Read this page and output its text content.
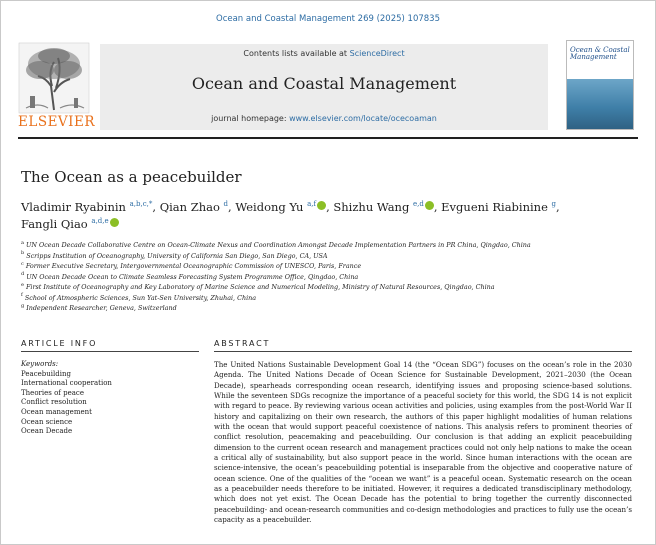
Ocean and Coastal Management 269 (2025) 107835
ELSEVIER
Contents lists available at ScienceDirect
Ocean and Coastal Management
journal homepage: www.elsevier.com/locate/ocecoaman
Ocean & Coastal Management
The Ocean as a peacebuilder
Vladimir Ryabinin $^{a,b,c,*}$, Qian Zhao $^d$, Weidong Yu $^{a,f}$ , Shizhu Wang $^{e,d}$ , Evgueni Riabinine $^g$,
Fangli Qiao $^{a,d,e}$
$^a$ UN Ocean Decade Collaborative Centre on Ocean-Climate Nexus and Coordination Amongst Decade Implementation Partners in PR China, Qingdao, China
$^b$ Scripps Institution of Oceanography, University of California San Diego, San Diego, CA, USA
$^c$ Former Executive Secretary, Intergovernmental Oceanographic Commission of UNESCO, Paris, France
$^d$ UN Ocean Decade Ocean to Climate Seamless Forecasting System Programme Office, Qingdao, China
$^e$ First Institute of Oceanography and Key Laboratory of Marine Science and Numerical Modeling, Ministry of Natural Resources, Qingdao, China
$^f$ School of Atmospheric Sciences, Sun Yat-Sen University, Zhuhai, China
$^g$ Independent Researcher, Geneva, Switzerland
ARTICLE INFO
Keywords:
Peacebuilding
International cooperation
Theories of peace
Conflict resolution
Ocean management
Ocean science
Ocean Decade
ABSTRACT
The United Nations Sustainable Development Goal 14 (the “Ocean SDG”) focuses on the ocean’s role in the 2030 Agenda. The United Nations Decade of Ocean Science for Sustainable Development, 2021–2030 (the Ocean Decade), spearheads corresponding ocean research, identifying issues and proposing science-based solutions. While the seventeen SDGs recognize the importance of a peaceful society for this world, the SDG 14 is not explicit with regard to peace. By reviewing various ocean activities and policies, using examples from the post-World War II history and capitalizing on their own research, the authors of this paper highlight modalities of human relations with the ocean that would support peaceful coexistence of nations. This analysis refers to prominent theories of conflict resolution, peacemaking and peacebuilding. Our conclusion is that adding an explicit peacebuilding dimension to the current ocean research and management practices could not only help nations to make the ocean a critical ally of sustainability, but also support peace in the world. Since human interactions with the ocean are science-intensive, the ocean’s peacebuilding potential is inseparable from the objective and cooperative nature of ocean science. One of the qualities of the “ocean we want” is a peaceful ocean. Systematic research on the ocean as a peacebuilder needs therefore to be initiated. However, it requires a dedicated transdisciplinary methodology, which does not yet exist. The Ocean Decade has the potential to bring together the currently disconnected peacebuilding- and ocean-research communities and co-design methodologies and practices to fully use the ocean’s capacity as a peacebuilder.
